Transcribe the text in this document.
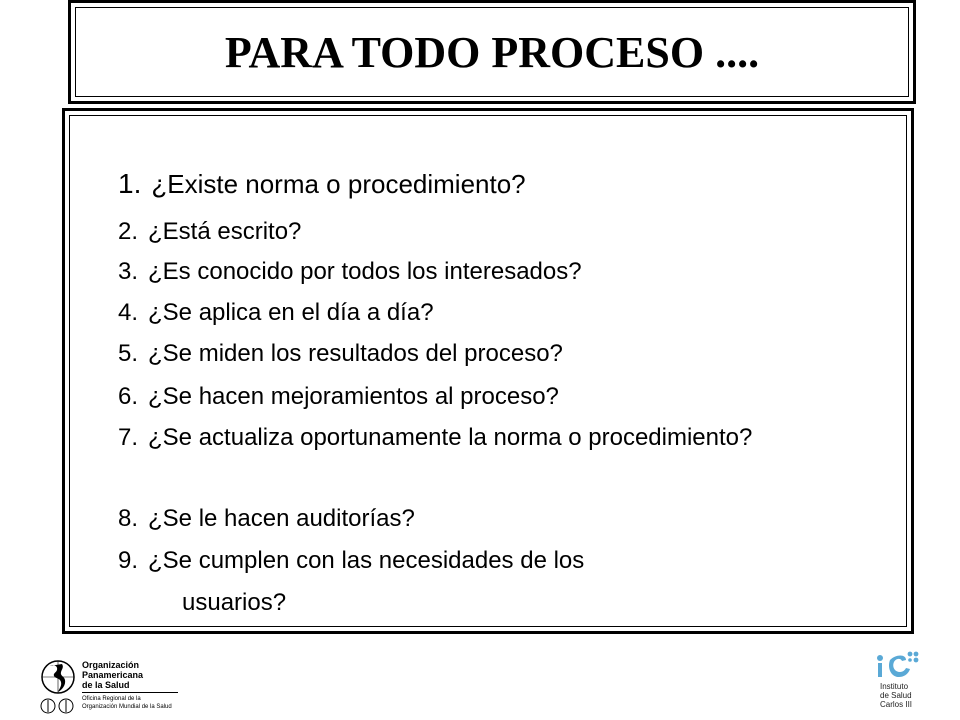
PARA TODO PROCESO ....
1. ¿Existe norma o procedimiento?
2. ¿Está escrito?
3. ¿Es conocido por todos los interesados?
4. ¿Se aplica en el día a día?
5. ¿Se miden los resultados del proceso?
6. ¿Se hacen mejoramientos al proceso?
7. ¿Se actualiza oportunamente la norma o procedimiento?
8. ¿Se le hacen auditorías?
9. ¿Se cumplen con las necesidades de los
usuarios?
Organización
Panamericana
de la Salud
Oficina Regional de la
Organización Mundial de la Salud
Instituto
de Salud
Carlos III
